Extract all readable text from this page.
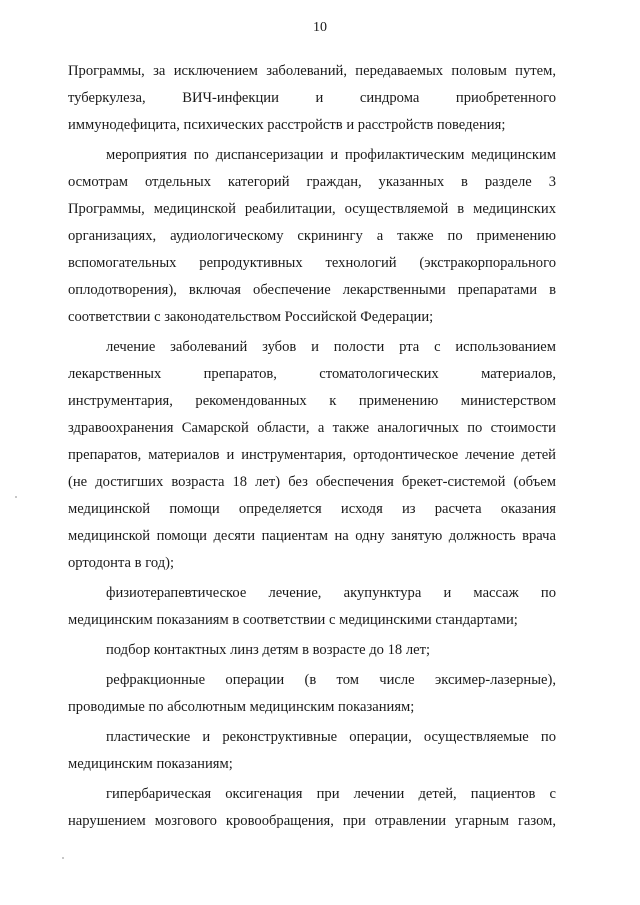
10
Программы, за исключением заболеваний, передаваемых половым путем,
туберкулеза, ВИЧ-инфекции и синдрома приобретенного
иммунодефицита, психических расстройств и расстройств поведения;
мероприятия по диспансеризации и профилактическим медицинским
осмотрам отдельных категорий граждан, указанных в разделе 3
Программы, медицинской реабилитации, осуществляемой в медицинских
организациях, аудиологическому скринингу а также по применению
вспомогательных репродуктивных технологий (экстракорпорального
оплодотворения), включая обеспечение лекарственными препаратами в
соответствии с законодательством Российской Федерации;
лечение заболеваний зубов и полости рта с использованием
лекарственных препаратов, стоматологических материалов,
инструментария, рекомендованных к применению министерством
здравоохранения Самарской области, а также аналогичных по стоимости
препаратов, материалов и инструментария, ортодонтическое лечение детей
(не достигших возраста 18 лет) без обеспечения брекет-системой (объем
медицинской помощи определяется исходя из расчета оказания
медицинской помощи десяти пациентам на одну занятую должность врача
ортодонта в год);
физиотерапевтическое лечение, акупунктура и массаж по
медицинским показаниям в соответствии с медицинскими стандартами;
подбор контактных линз детям в возрасте до 18 лет;
рефракционные операции (в том числе эксимер-лазерные),
проводимые по абсолютным медицинским показаниям;
пластические и реконструктивные операции, осуществляемые по
медицинским показаниям;
гипербарическая оксигенация при лечении детей, пациентов с
нарушением мозгового кровообращения, при отравлении угарным газом,
